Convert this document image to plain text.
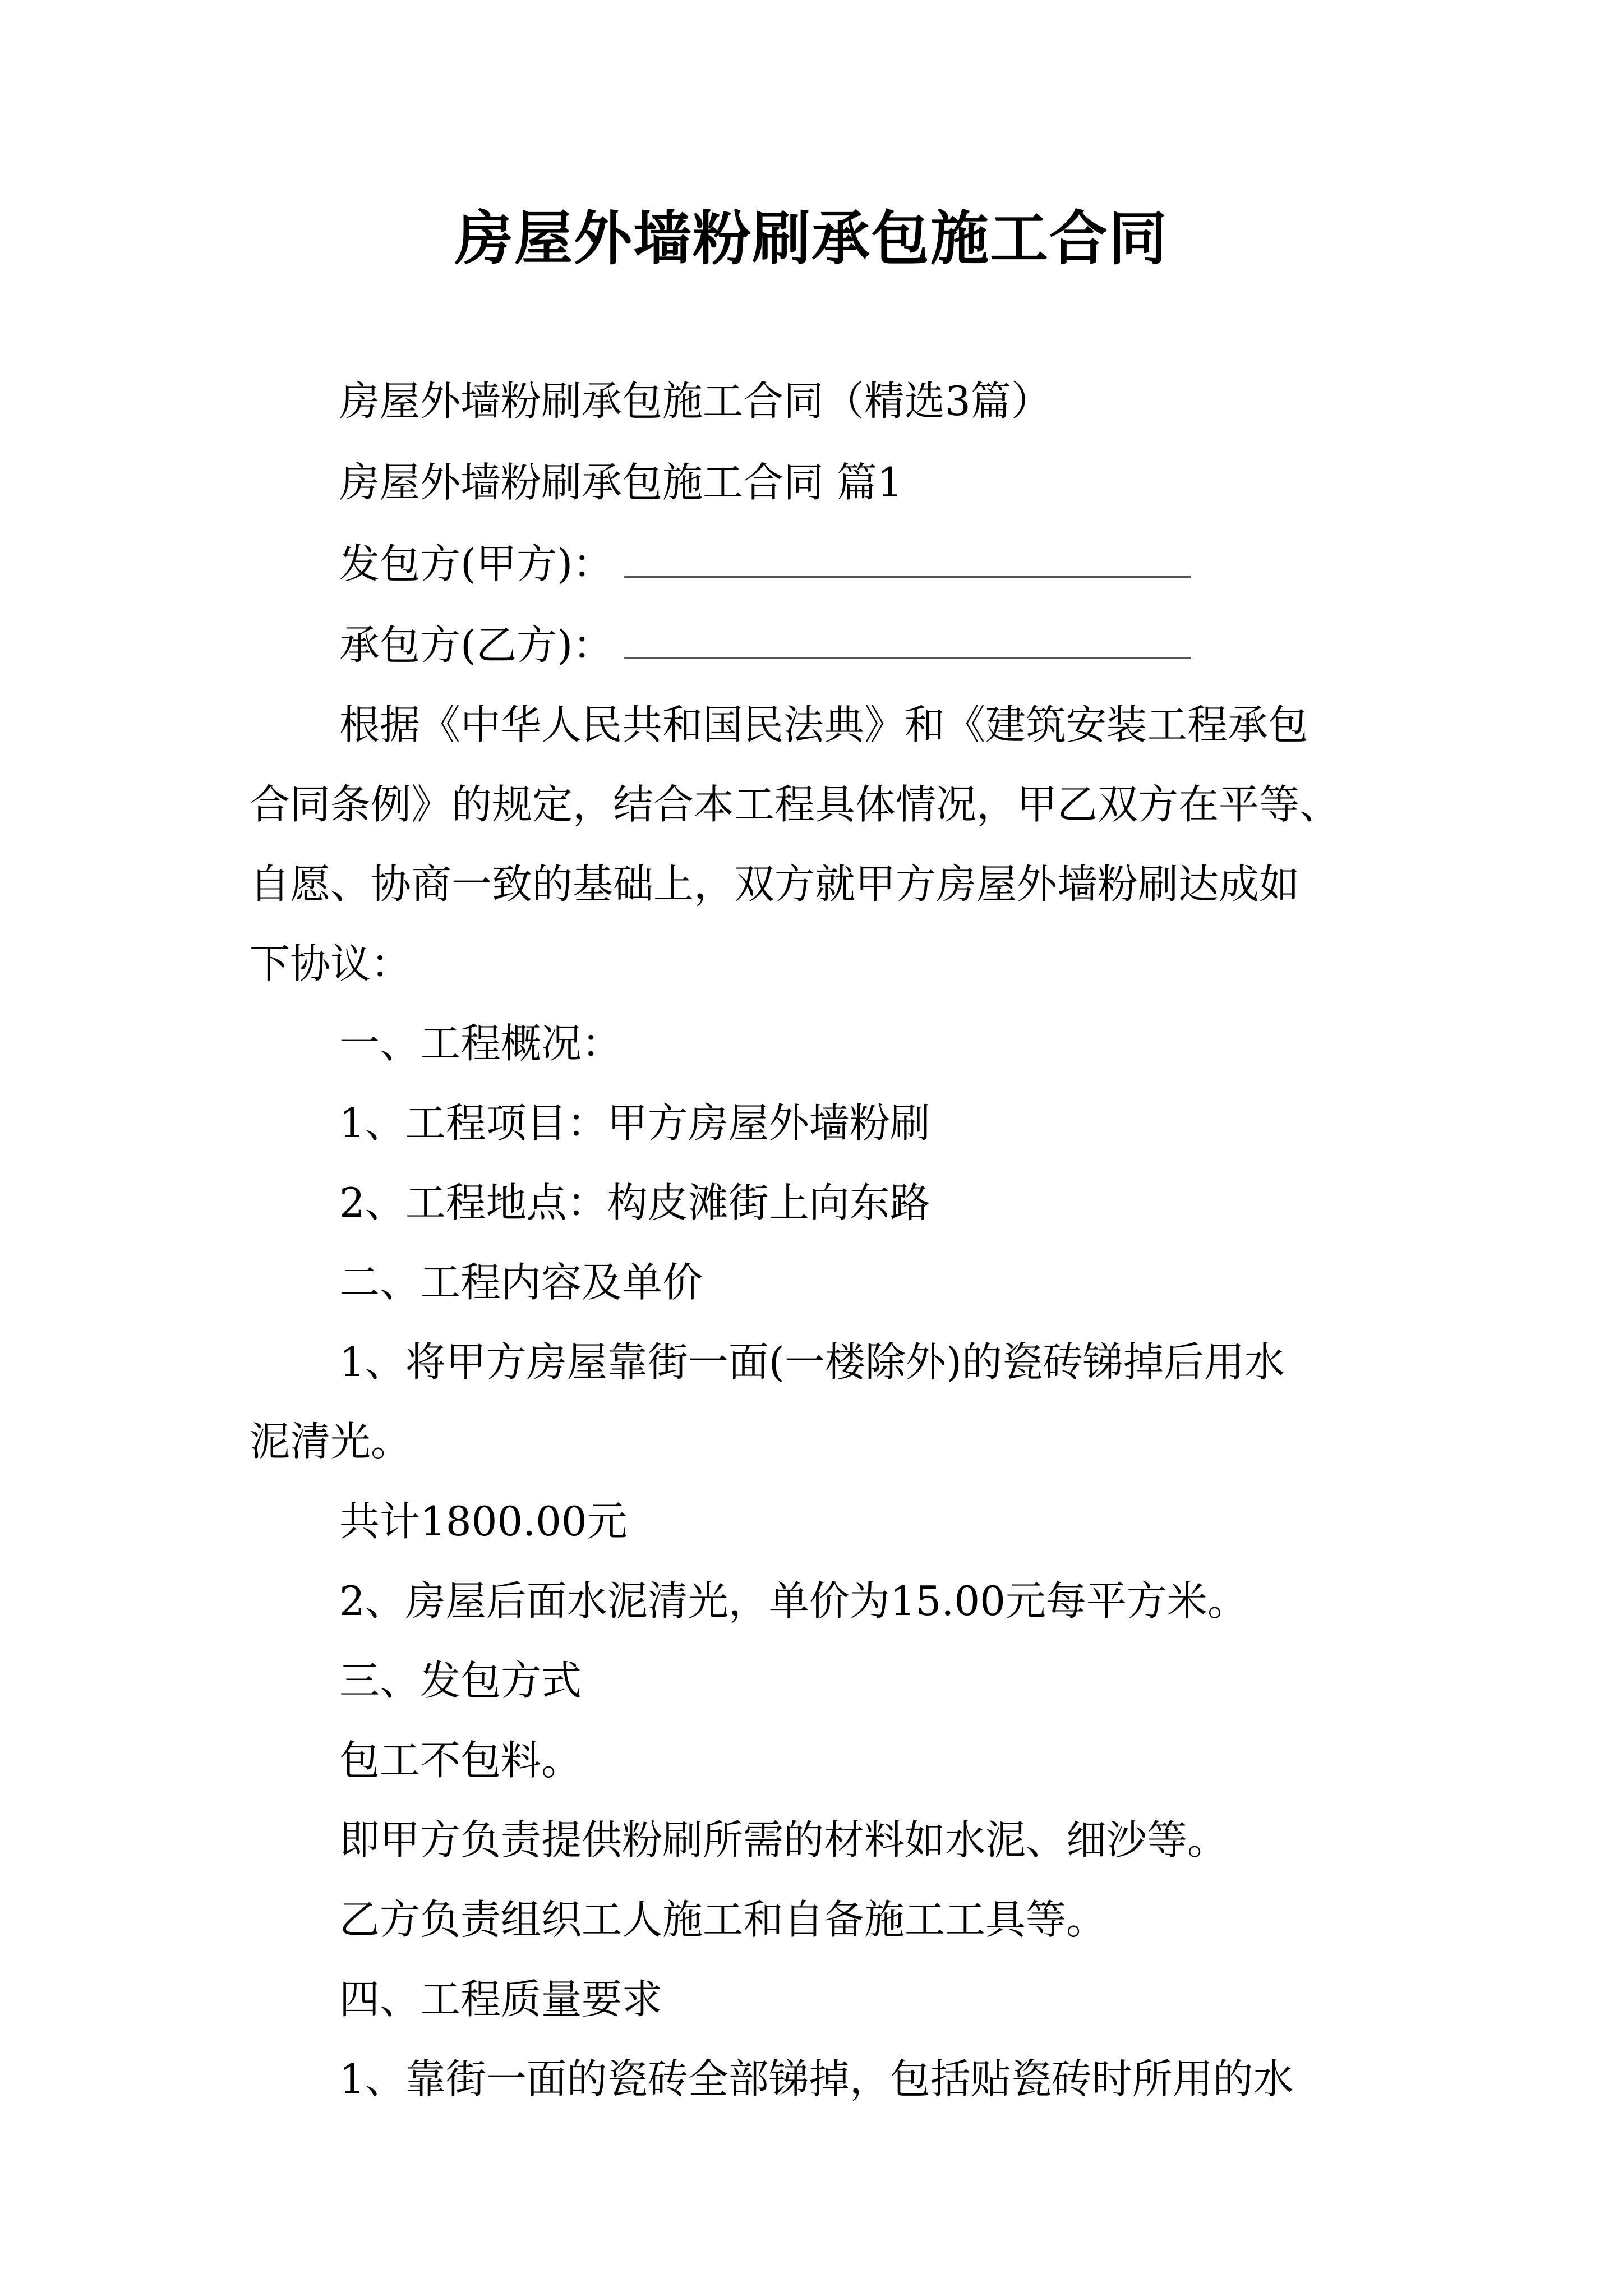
房屋外墙粉刷承包施工合同

房屋外墙粉刷承包施工合同（精选3篇）

房屋外墙粉刷承包施工合同 篇1

发包方(甲方)：

承包方(乙方)：

根据《中华人民共和国民法典》和《建筑安装工程承包

合同条例》的规定，结合本工程具体情况，甲乙双方在平等、

自愿、协商一致的基础上，双方就甲方房屋外墙粉刷达成如

下协议：

一、工程概况：

1、工程项目：甲方房屋外墙粉刷

2、工程地点：构皮滩街上向东路

二、工程内容及单价

1、将甲方房屋靠街一面(一楼除外)的瓷砖锑掉后用水

泥清光。

共计1800.00元

2、房屋后面水泥清光，单价为15.00元每平方米。

三、发包方式

包工不包料。

即甲方负责提供粉刷所需的材料如水泥、细沙等。

乙方负责组织工人施工和自备施工工具等。

四、工程质量要求

1、靠街一面的瓷砖全部锑掉，包括贴瓷砖时所用的水
